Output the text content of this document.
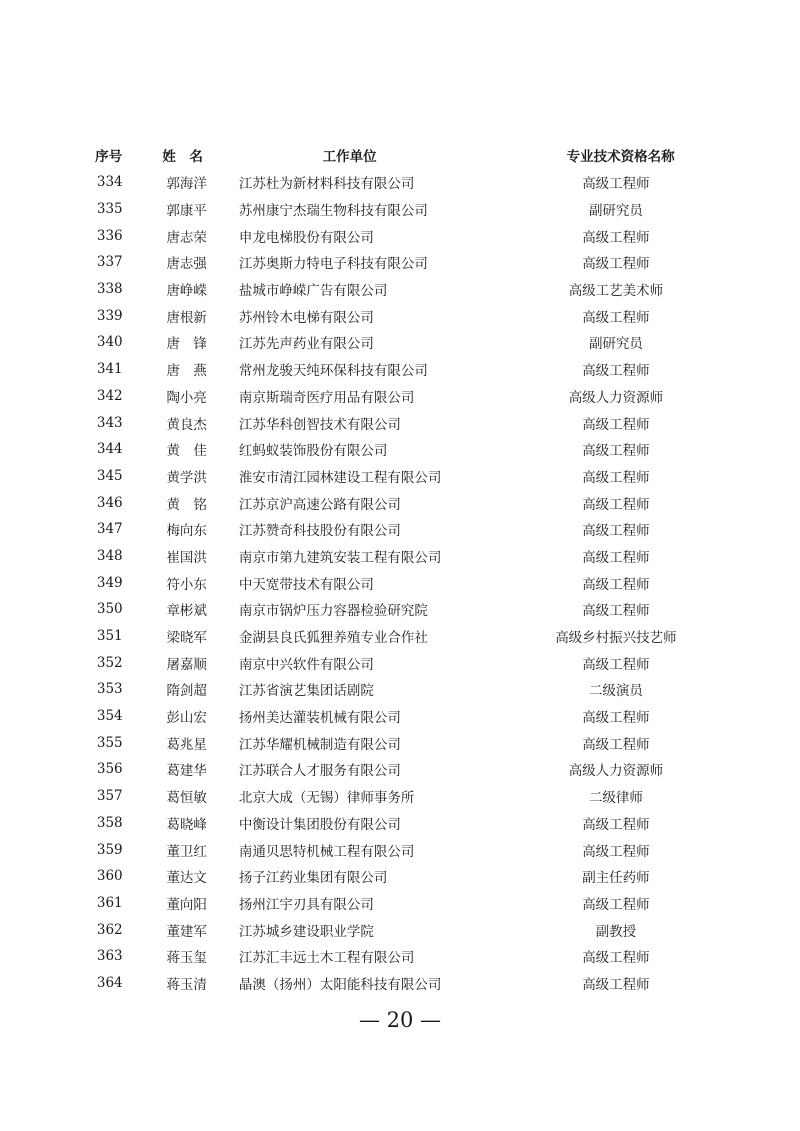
序号	姓　名	工作单位	专业技术资格名称
334	郭海洋	江苏杜为新材料科技有限公司	高级工程师
335	郭康平	苏州康宁杰瑞生物科技有限公司	副研究员
336	唐志荣	申龙电梯股份有限公司	高级工程师
337	唐志强	江苏奥斯力特电子科技有限公司	高级工程师
338	唐峥嵘	盐城市峥嵘广告有限公司	高级工艺美术师
339	唐根新	苏州铃木电梯有限公司	高级工程师
340	唐　锋	江苏先声药业有限公司	副研究员
341	唐　燕	常州龙骏天纯环保科技有限公司	高级工程师
342	陶小亮	南京斯瑞奇医疗用品有限公司	高级人力资源师
343	黄良杰	江苏华科创智技术有限公司	高级工程师
344	黄　佳	红蚂蚁装饰股份有限公司	高级工程师
345	黄学洪	淮安市清江园林建设工程有限公司	高级工程师
346	黄　铭	江苏京沪高速公路有限公司	高级工程师
347	梅向东	江苏赞奇科技股份有限公司	高级工程师
348	崔国洪	南京市第九建筑安装工程有限公司	高级工程师
349	符小东	中天宽带技术有限公司	高级工程师
350	章彬斌	南京市锅炉压力容器检验研究院	高级工程师
351	梁晓军	金湖县良氏狐狸养殖专业合作社	高级乡村振兴技艺师
352	屠嘉顺	南京中兴软件有限公司	高级工程师
353	隋剑超	江苏省演艺集团话剧院	二级演员
354	彭山宏	扬州美达灌装机械有限公司	高级工程师
355	葛兆星	江苏华耀机械制造有限公司	高级工程师
356	葛建华	江苏联合人才服务有限公司	高级人力资源师
357	葛恒敏	北京大成（无锡）律师事务所	二级律师
358	葛晓峰	中衡设计集团股份有限公司	高级工程师
359	董卫红	南通贝思特机械工程有限公司	高级工程师
360	董达文	扬子江药业集团有限公司	副主任药师
361	董向阳	扬州江宇刃具有限公司	高级工程师
362	董建军	江苏城乡建设职业学院	副教授
363	蒋玉玺	江苏汇丰远土木工程有限公司	高级工程师
364	蒋玉清	晶澳（扬州）太阳能科技有限公司	高级工程师
— 20 —
